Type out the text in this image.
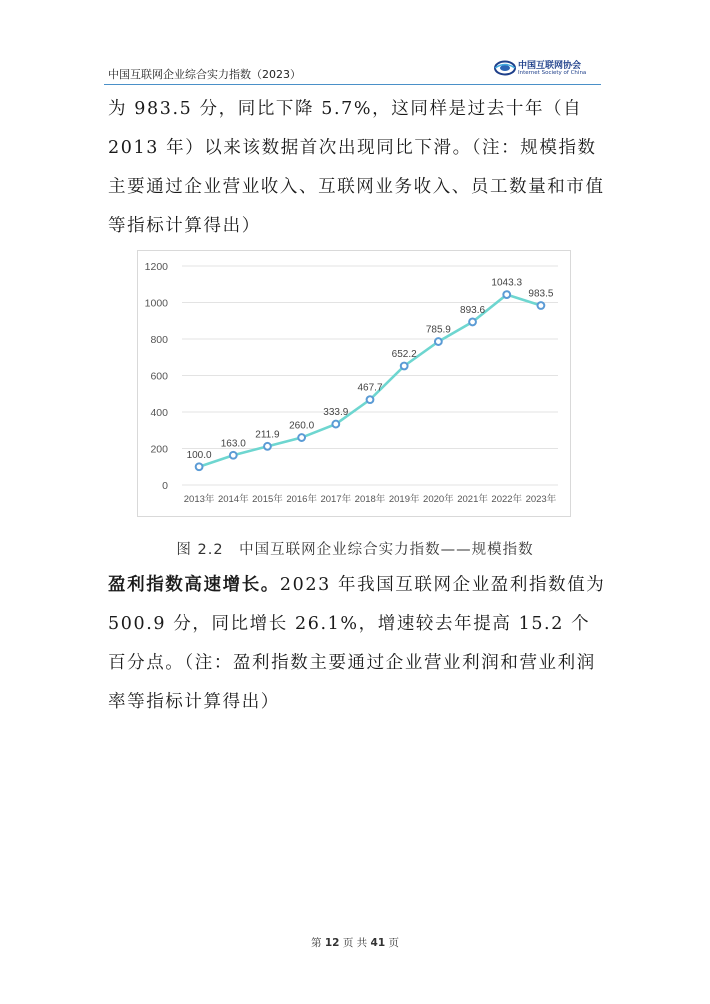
中国互联网企业综合实力指数（2023）
中国互联网协会
Internet Society of China

为 983.5 分，同比下降 5.7%，这同样是过去十年（自 2013 年）以来该数据首次出现同比下滑。（注：规模指数主要通过企业营业收入、互联网业务收入、员工数量和市值等指标计算得出）

0
200
400
600
800
1000
1200
2013年 2014年 2015年 2016年 2017年 2018年 2019年 2020年 2021年 2022年 2023年
100.0
163.0
211.9
260.0
333.9
467.7
652.2
785.9
893.6
1043.3
983.5
图 2.2　中国互联网企业综合实力指数——规模指数

盈利指数高速增长。2023 年我国互联网企业盈利指数值为 500.9 分，同比增长 26.1%，增速较去年提高 15.2 个百分点。（注：盈利指数主要通过企业营业利润和营业利润率等指标计算得出）

第 12 页 共 41 页
